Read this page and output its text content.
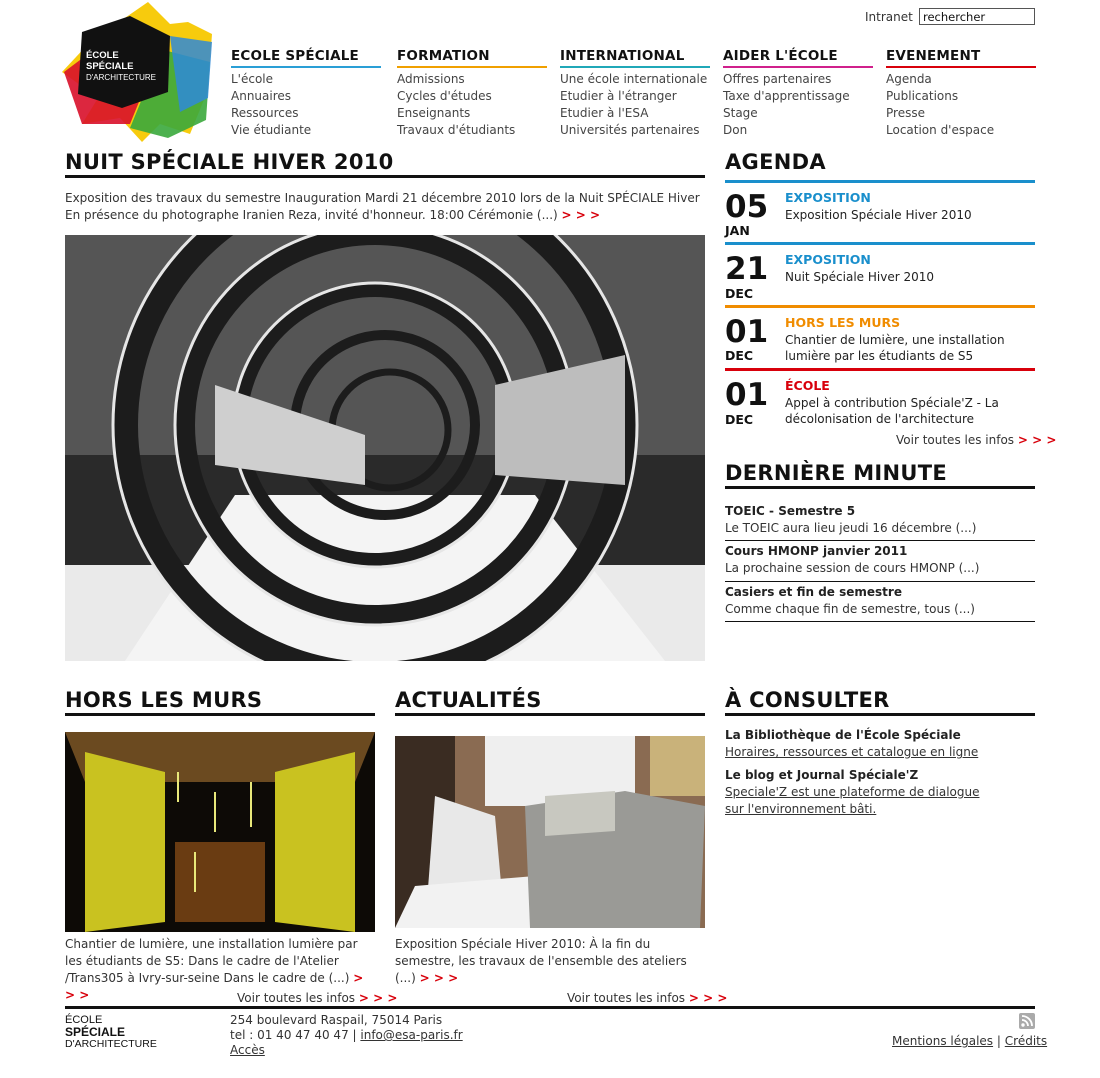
Intranet
rechercher
ÉCOLE
SPÉCIALE
D'ARCHITECTURE
ECOLE SPÉCIALE
L'école
Annuaires
Ressources
Vie étudiante
FORMATION
Admissions
Cycles d'études
Enseignants
Travaux d'étudiants
INTERNATIONAL
Une école internationale
Etudier à l'étranger
Etudier à l'ESA
Universités partenaires
AIDER L'ÉCOLE
Offres partenaires
Taxe d'apprentissage
Stage
Don
EVENEMENT
Agenda
Publications
Presse
Location d'espace
NUIT SPÉCIALE HIVER 2010
Exposition des travaux du semestre Inauguration Mardi 21 décembre 2010 lors de la Nuit SPÉCIALE Hiver En présence du photographe Iranien Reza, invité d'honneur. 18:00 Cérémonie (...) > > >
AGENDA
05
JAN
EXPOSITION
Exposition Spéciale Hiver 2010
21
DEC
EXPOSITION
Nuit Spéciale Hiver 2010
01
DEC
HORS LES MURS
Chantier de lumière, une installation lumière par les étudiants de S5
01
DEC
ÉCOLE
Appel à contribution Spéciale'Z - La décolonisation de l'architecture
Voir toutes les infos > > >
DERNIÈRE MINUTE
TOEIC - Semestre 5
Le TOEIC aura lieu jeudi 16 décembre (...)
Cours HMONP janvier 2011
La prochaine session de cours HMONP (...)
Casiers et fin de semestre
Comme chaque fin de semestre, tous (...)
HORS LES MURS
Chantier de lumière, une installation lumière par les étudiants de S5: Dans le cadre de l'Atelier /Trans305 à Ivry-sur-seine Dans le cadre de (...) > > >	Voir toutes les infos > > >
ACTUALITÉS
Exposition Spéciale Hiver 2010: À la fin du semestre, les travaux de l'ensemble des ateliers (...) > > >
Voir toutes les infos > > >
À CONSULTER
La Bibliothèque de l'École Spéciale
Horaires, ressources et catalogue en ligne
Le blog et Journal Spéciale'Z
Speciale'Z est une plateforme de dialogue sur l'environnement bâti.
ÉCOLE
SPÉCIALE
D'ARCHITECTURE
254 boulevard Raspail, 75014 Paris
tel : 01 40 47 40 47 | info@esa-paris.fr
Accès
Mentions légales | Crédits
